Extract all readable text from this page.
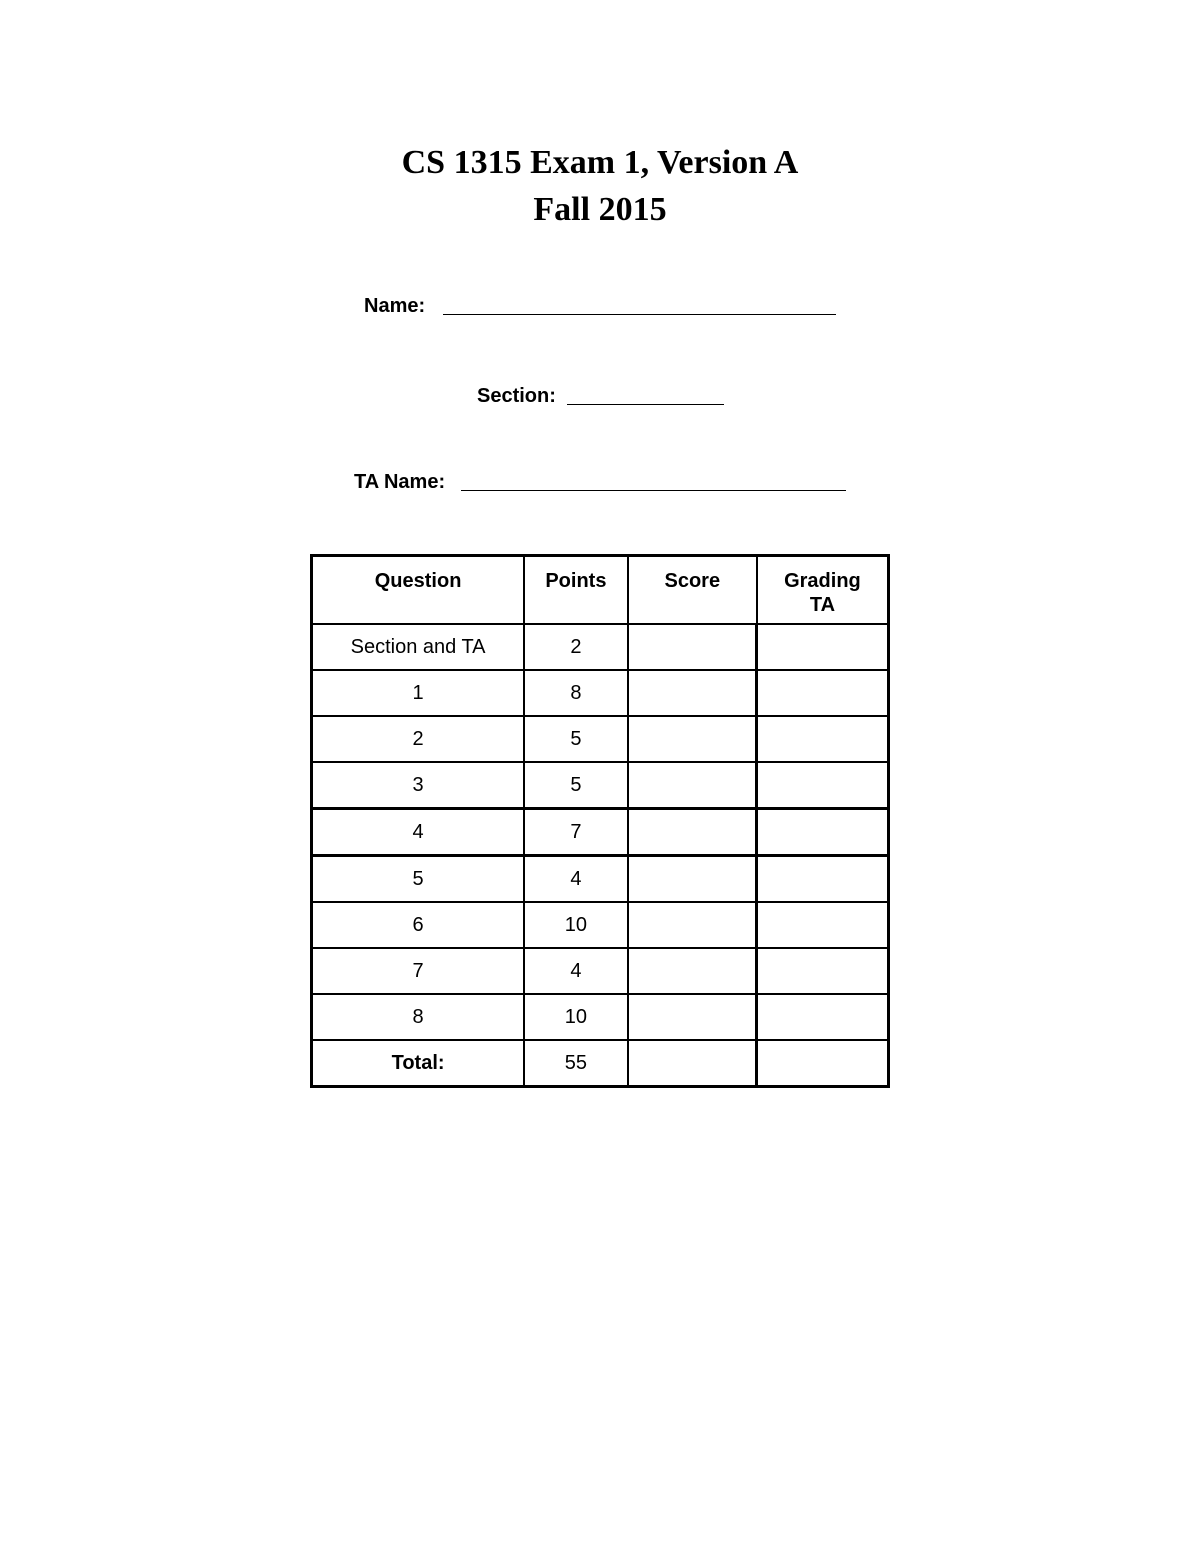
CS 1315 Exam 1, Version A
Fall 2015
Name:
Section:
TA Name:
Question	Points	Score	Grading TA
Section and TA	2		
1	8		
2	5		
3	5		
4	7		
5	4		
6	10		
7	4		
8	10		
Total:	55		
